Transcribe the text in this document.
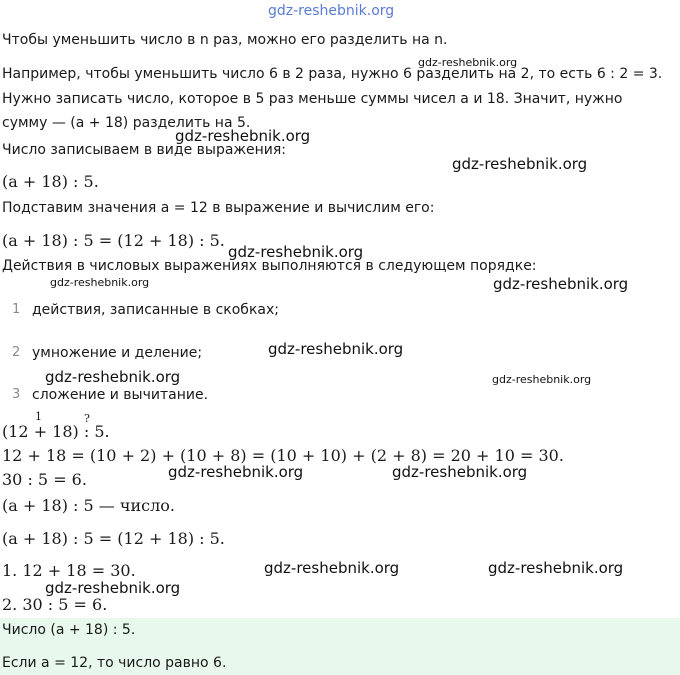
gdz-reshebnik.org
Чтобы уменьшить число в n раз, можно его разделить на n.
Например, чтобы уменьшить число 6 в 2 раза, нужно 6 разделить на 2, то есть 6 : 2 = 3.
gdz-reshebnik.org
Нужно записать число, которое в 5 раз меньше суммы чисел a и 18. Значит, нужно
сумму — (a + 18) разделить на 5.
gdz-reshebnik.org
Число записываем в виде выражения:
gdz-reshebnik.org
(a + 18) : 5.
Подставим значения a = 12 в выражение и вычислим его:
(a + 18) : 5 = (12 + 18) : 5.
gdz-reshebnik.org
Действия в числовых выражениях выполняются в следующем порядке:
gdz-reshebnik.org	gdz-reshebnik.org
1 действия, записанные в скобках;
2 умножение и деление;	gdz-reshebnik.org
gdz-reshebnik.org	gdz-reshebnik.org
3 сложение и вычитание.
1	?
(12 + 18) : 5.
12 + 18 = (10 + 2) + (10 + 8) = (10 + 10) + (2 + 8) = 20 + 10 = 30.
gdz-reshebnik.org	gdz-reshebnik.org
30 : 5 = 6.
(a + 18) : 5 — число.
(a + 18) : 5 = (12 + 18) : 5.
1. 12 + 18 = 30.	gdz-reshebnik.org	gdz-reshebnik.org
gdz-reshebnik.org
2. 30 : 5 = 6.
Число (a + 18) : 5.
Если a = 12, то число равно 6.
